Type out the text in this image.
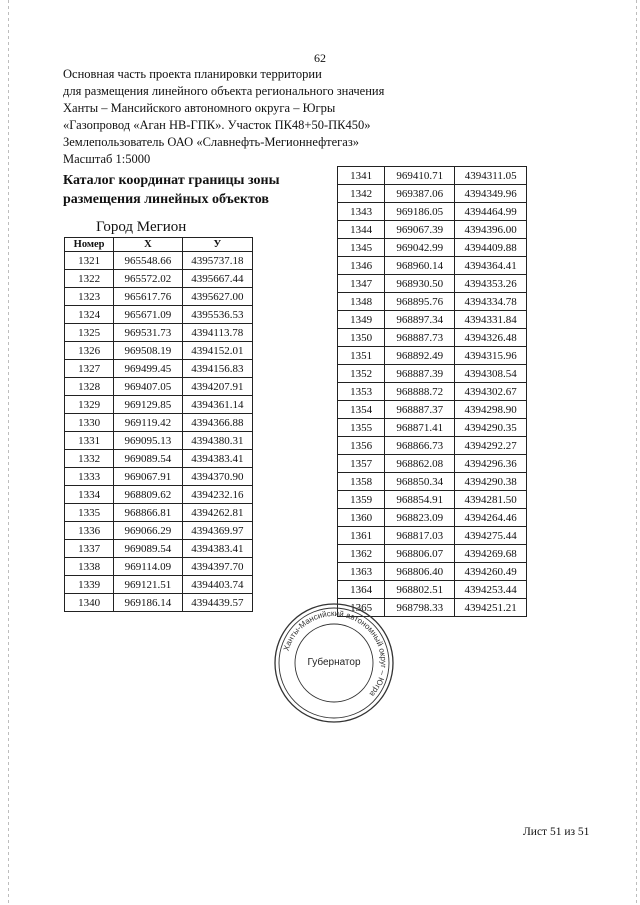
62
Основная часть проекта планировки территории
для размещения линейного объекта регионального значения
Ханты – Мансийского автономного округа – Югры
«Газопровод «Аган НВ-ГПК». Участок ПК48+50-ПК450»
Землепользователь ОАО «Славнефть-Мегионнефтегаз»
Масштаб 1:5000
Каталог координат границы зоны
размещения линейных объектов
Город Мегион
Номер	X	У
1321	965548.66	4395737.18
1322	965572.02	4395667.44
1323	965617.76	4395627.00
1324	965671.09	4395536.53
1325	969531.73	4394113.78
1326	969508.19	4394152.01
1327	969499.45	4394156.83
1328	969407.05	4394207.91
1329	969129.85	4394361.14
1330	969119.42	4394366.88
1331	969095.13	4394380.31
1332	969089.54	4394383.41
1333	969067.91	4394370.90
1334	968809.62	4394232.16
1335	968866.81	4394262.81
1336	969066.29	4394369.97
1337	969089.54	4394383.41
1338	969114.09	4394397.70
1339	969121.51	4394403.74
1340	969186.14	4394439.57
1341	969410.71	4394311.05
1342	969387.06	4394349.96
1343	969186.05	4394464.99
1344	969067.39	4394396.00
1345	969042.99	4394409.88
1346	968960.14	4394364.41
1347	968930.50	4394353.26
1348	968895.76	4394334.78
1349	968897.34	4394331.84
1350	968887.73	4394326.48
1351	968892.49	4394315.96
1352	968887.39	4394308.54
1353	968888.72	4394302.67
1354	968887.37	4394298.90
1355	968871.41	4394290.35
1356	968866.73	4394292.27
1357	968862.08	4394296.36
1358	968850.34	4394290.38
1359	968854.91	4394281.50
1360	968823.09	4394264.46
1361	968817.03	4394275.44
1362	968806.07	4394269.68
1363	968806.40	4394260.49
1364	968802.51	4394253.44
1365	968798.33	4394251.21
Ханты-Мансийский автономный округ – Югра
Губернатор
Лист 51 из 51
